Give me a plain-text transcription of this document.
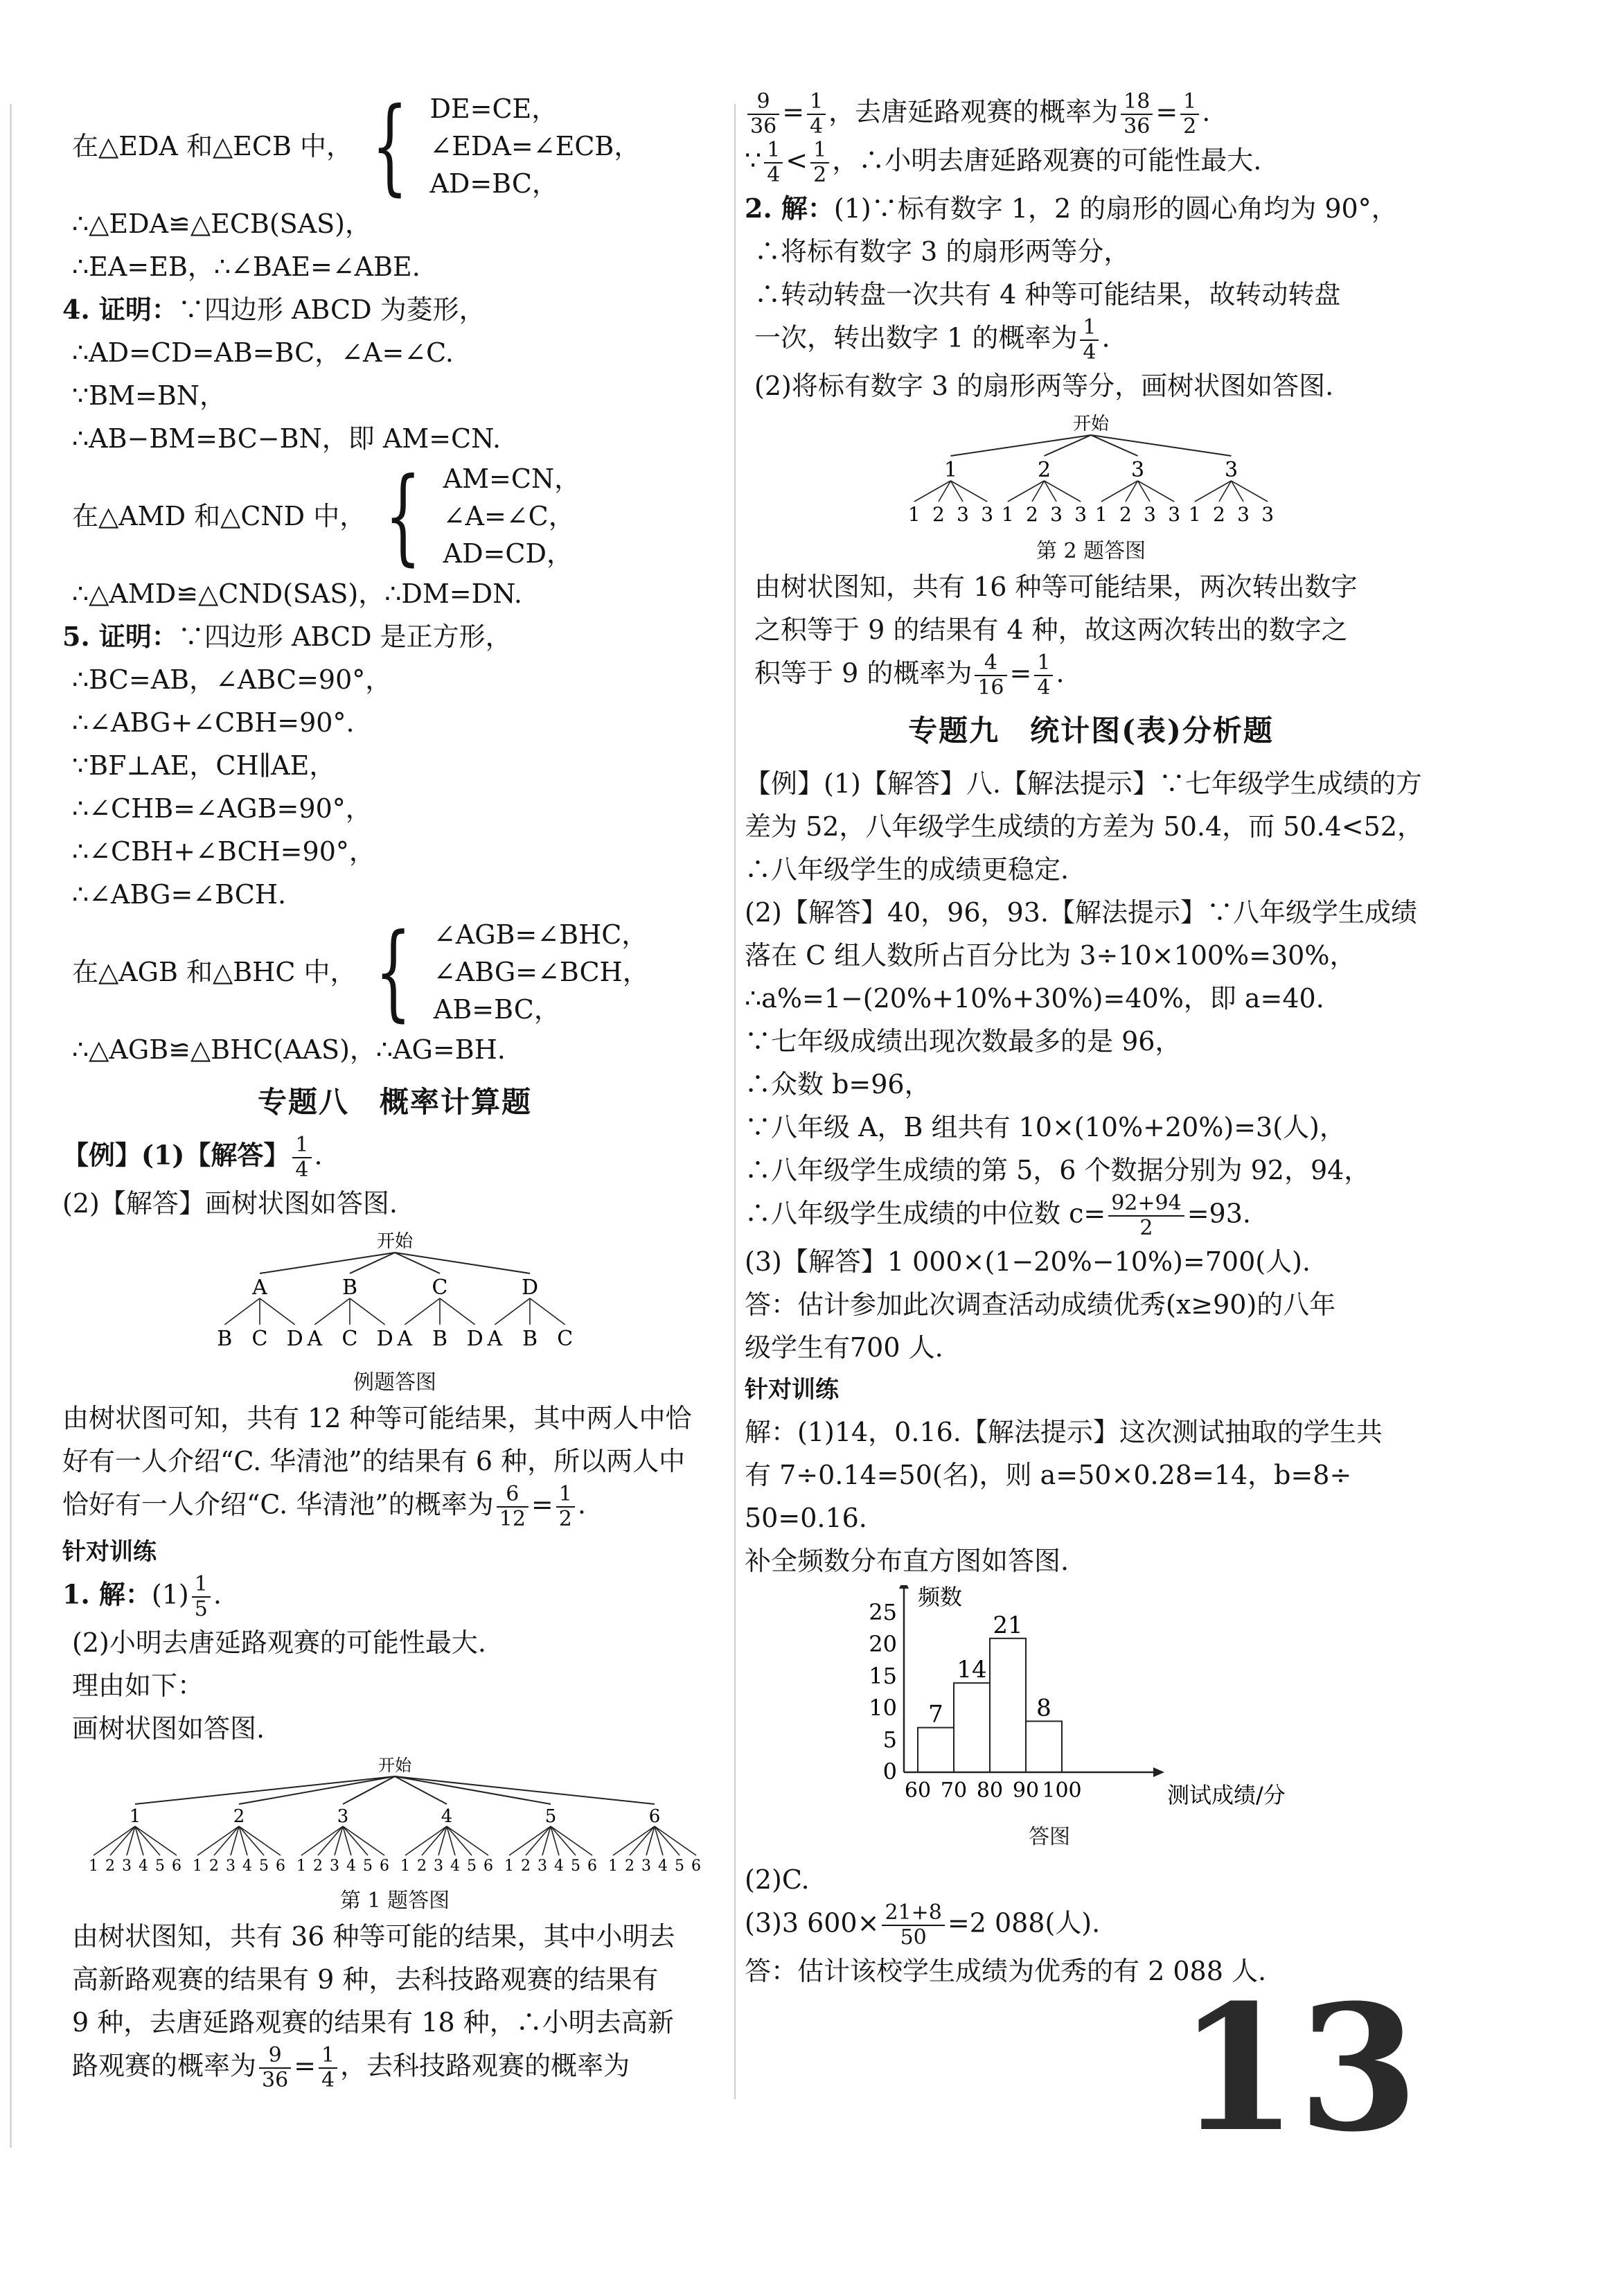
在△EDA 和△ECB 中， { DE=CE，
∠EDA=∠ECB，
AD=BC，
∴△EDA≌△ECB(SAS)，
∴EA=EB，∴∠BAE=∠ABE.
4. 证明：∵四边形 ABCD 为菱形，
∴AD=CD=AB=BC，∠A=∠C.
∵BM=BN，
∴AB−BM=BC−BN，即 AM=CN.
在△AMD 和△CND 中， { AM=CN，
∠A=∠C，
AD=CD，
∴△AMD≌△CND(SAS)，∴DM=DN.
5. 证明：∵四边形 ABCD 是正方形，
∴BC=AB，∠ABC=90°，
∴∠ABG+∠CBH=90°.
∵BF⊥AE，CH∥AE，
∴∠CHB=∠AGB=90°，
∴∠CBH+∠BCH=90°，
∴∠ABG=∠BCH.
在△AGB 和△BHC 中， { ∠AGB=∠BHC，
∠ABG=∠BCH，
AB=BC，
∴△AGB≌△BHC(AAS)，∴AG=BH.
专题八　概率计算题
【例】(1)【解答】 $\frac{1}{4}$ .
(2)【解答】画树状图如答图.
开始
A
B C D
B
A C D
C
A B D
D
A B C
例题答图
由树状图可知，共有 12 种等可能结果，其中两人中恰
好有一人介绍“C. 华清池”的结果有 6 种，所以两人中
恰好有一人介绍“C. 华清池”的概率为 $\frac{6}{12} = \frac{1}{2}$ .
针对训练
1. 解：$(1) \frac{1}{5}$ .
(2)小明去唐延路观赛的可能性最大.
理由如下：
画树状图如答图.
开始
1
1 2 3 4 5 6
2
1 2 3 4 5 6
3
1 2 3 4 5 6
4
1 2 3 4 5 6
5
1 2 3 4 5 6
6
1 2 3 4 5 6
第 1 题答图
由树状图知，共有 36 种等可能的结果，其中小明去
高新路观赛的结果有 9 种，去科技路观赛的结果有
9 种，去唐延路观赛的结果有 18 种，∴小明去高新
路观赛的概率为 $\frac{9}{36} = \frac{1}{4}$ ，去科技路观赛的概率为
$\frac{9}{36} = \frac{1}{4}$ ，去唐延路观赛的概率为 $\frac{18}{36} = \frac{1}{2}$ .
∵ $\frac{1}{4} < \frac{1}{2}$ ，∴小明去唐延路观赛的可能性最大.
2. 解：(1)∵标有数字 1，2 的扇形的圆心角均为 90°，
∴将标有数字 3 的扇形两等分，
∴转动转盘一次共有 4 种等可能结果，故转动转盘
一次，转出数字 1 的概率为 $\frac{1}{4}$ .
(2)将标有数字 3 的扇形两等分，画树状图如答图.
开始
1
1 2 3 3
2
1 2 3 3
3
1 2 3 3
3
1 2 3 3
第 2 题答图
由树状图知，共有 16 种等可能结果，两次转出数字
之积等于 9 的结果有 4 种，故这两次转出的数字之
积等于 9 的概率为 $\frac{4}{16} = \frac{1}{4}$ .
专题九　统计图(表)分析题
【例】(1)【解答】八.【解法提示】∵七年级学生成绩的方
差为 52，八年级学生成绩的方差为 50.4，而 50.4<52，
∴八年级学生的成绩更稳定.
(2)【解答】40，96，93.【解法提示】∵八年级学生成绩
落在 C 组人数所占百分比为 3÷10×100%=30%，
∴a%=1−(20%+10%+30%)=40%，即 a=40.
∵七年级成绩出现次数最多的是 96，
∴众数 b=96，
∵八年级 A，B 组共有 10×(10%+20%)=3(人)，
∴八年级学生成绩的第 5，6 个数据分别为 92，94，
∴八年级学生成绩的中位数 $c= \frac{92+94}{2} =93$.
(3)【解答】1 000×(1−20%−10%)=700(人).
答：估计参加此次调查活动成绩优秀(x≥90)的八年
级学生有700 人.
针对训练
解：(1)14，0.16.【解法提示】这次测试抽取的学生共
有 7÷0.14=50(名)，则 a=50×0.28=14，b=8÷
50=0.16.
补全频数分布直方图如答图.
0
5
10
15
20
25
60 70 80 90 100
7
14
21
8
频数
测试成绩/分
答图
(2)C.
(3)3 $600\times \frac{21+8}{50} =2$ 088(人).
答：估计该校学生成绩为优秀的有 2 088 人.
13
